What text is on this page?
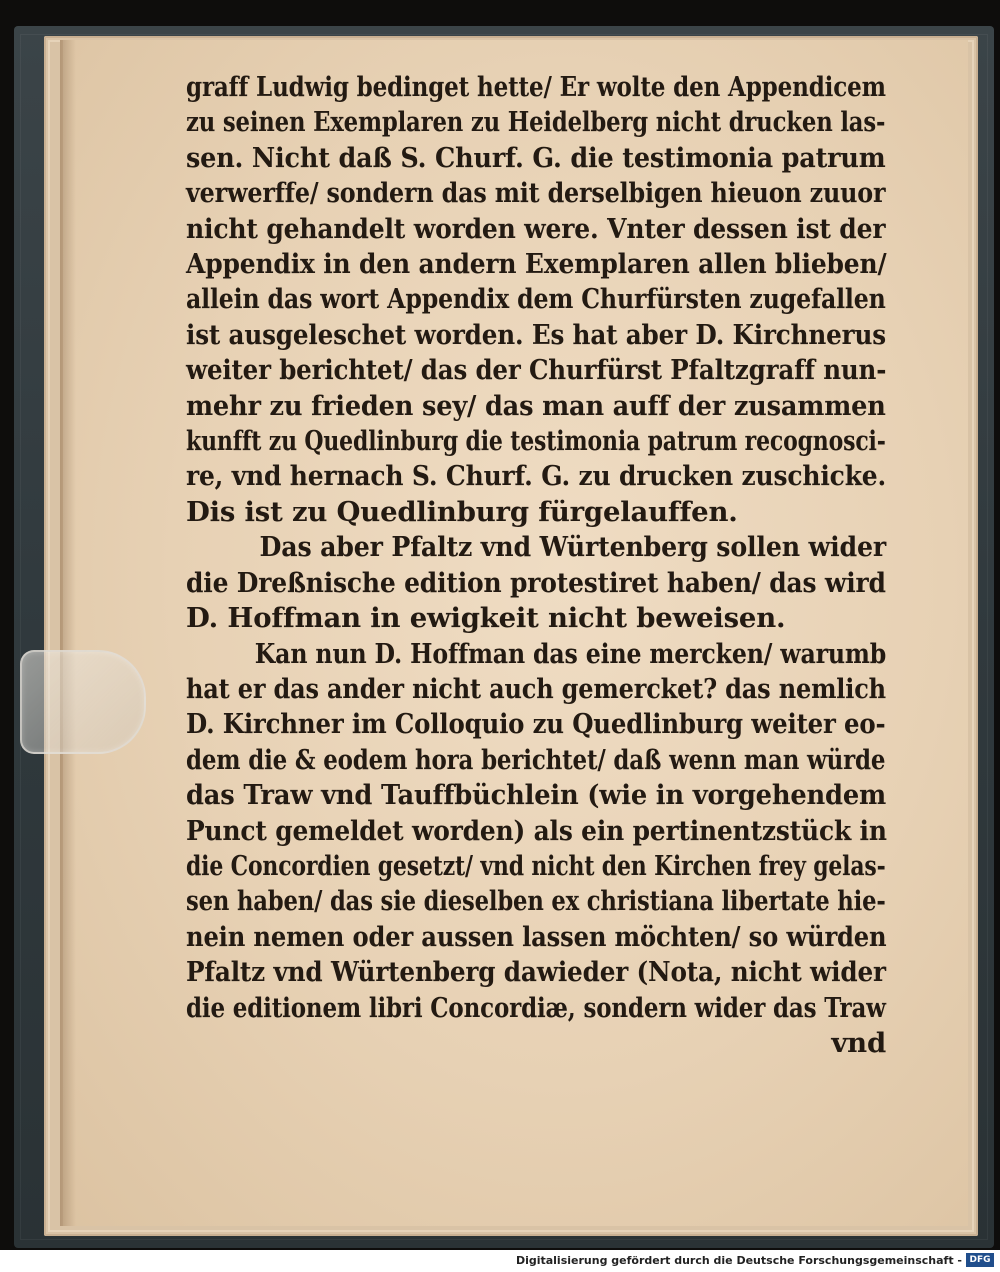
graff Ludwig bedinget hette/ Er wolte den Appendicem
zu seinen Exemplaren zu Heidelberg nicht drucken las-
sen. Nicht daß S. Churf. G. die testimonia patrum
verwerffe/ sondern das mit derselbigen hieuon zuuor
nicht gehandelt worden were. Vnter dessen ist der
Appendix in den andern Exemplaren allen blieben/
allein das wort Appendix dem Churfürsten zugefallen
ist ausgeleschet worden. Es hat aber D. Kirchnerus
weiter berichtet/ das der Churfürst Pfaltzgraff nun-
mehr zu frieden sey/ das man auff der zusammen
kunfft zu Quedlinburg die testimonia patrum recognosci-
re, vnd hernach S. Churf. G. zu drucken zuschicke.
Dis ist zu Quedlinburg fürgelauffen.
Das aber Pfaltz vnd Würtenberg sollen wider
die Dreßnische edition protestiret haben/ das wird
D. Hoffman in ewigkeit nicht beweisen.
Kan nun D. Hoffman das eine mercken/ warumb
hat er das ander nicht auch gemercket? das nemlich
D. Kirchner im Colloquio zu Quedlinburg weiter eo-
dem die & eodem hora berichtet/ daß wenn man würde
das Traw vnd Tauffbüchlein (wie in vorgehendem
Punct gemeldet worden) als ein pertinentzstück in
die Concordien gesetzt/ vnd nicht den Kirchen frey gelas-
sen haben/ das sie dieselben ex christiana libertate hie-
nein nemen oder aussen lassen möchten/ so würden
Pfaltz vnd Würtenberg dawieder (Nota, nicht wider
die editionem libri Concordiæ, sondern wider das Traw
vnd
Digitalisierung gefördert durch die Deutsche Forschungsgemeinschaft - DFG
